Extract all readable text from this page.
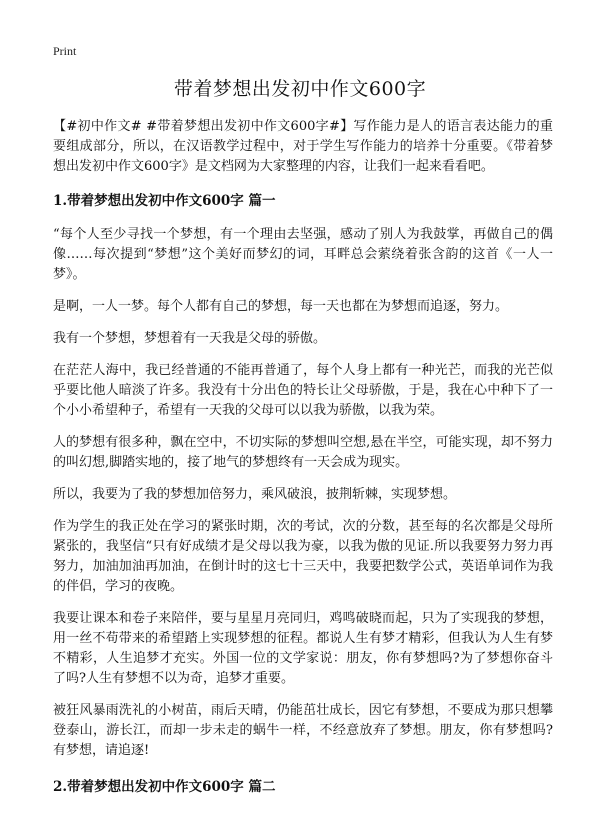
Print
带着梦想出发初中作文600字

【#初中作文# #带着梦想出发初中作文600字#】写作能力是人的语言表达能力的重要组成部分，所以，在汉语教学过程中，对于学生写作能力的培养十分重要。《带着梦想出发初中作文600字》是文档网为大家整理的内容，让我们一起来看看吧。

1.带着梦想出发初中作文600字 篇一

“每个人至少寻找一个梦想，有一个理由去坚强，感动了别人为我鼓掌，再做自己的偶像……每次提到“梦想”这个美好而梦幻的词，耳畔总会萦绕着张含韵的这首《一人一梦》。

是啊，一人一梦。每个人都有自己的梦想，每一天也都在为梦想而追逐，努力。

我有一个梦想，梦想着有一天我是父母的骄傲。

在茫茫人海中，我已经普通的不能再普通了，每个人身上都有一种光芒，而我的光芒似乎要比他人暗淡了许多。我没有十分出色的特长让父母骄傲，于是，我在心中种下了一个小小希望种子，希望有一天我的父母可以以我为骄傲，以我为荣。

人的梦想有很多种，飘在空中，不切实际的梦想叫空想,悬在半空，可能实现，却不努力的叫幻想,脚踏实地的，接了地气的梦想终有一天会成为现实。

所以，我要为了我的梦想加倍努力，乘风破浪，披荆斩棘，实现梦想。

作为学生的我正处在学习的紧张时期，次的考试，次的分数，甚至每的名次都是父母所紧张的，我坚信“只有好成绩才是父母以我为豪，以我为傲的见证.所以我要努力努力再努力，加油加油再加油，在倒计时的这七十三天中，我要把数学公式，英语单词作为我的伴侣，学习的夜晚。

我要让课本和卷子来陪伴，要与星星月亮同归，鸡鸣破晓而起，只为了实现我的梦想，用一丝不苟带来的希望踏上实现梦想的征程。都说人生有梦才精彩，但我认为人生有梦不精彩，人生追梦才充实。外国一位的文学家说：朋友，你有梦想吗?为了梦想你奋斗了吗?人生有梦想不以为奇，追梦才重要。

被狂风暴雨洗礼的小树苗，雨后天晴，仍能茁壮成长，因它有梦想，不要成为那只想攀登泰山，游长江，而却一步未走的蜗牛一样，不经意放弃了梦想。朋友，你有梦想吗?有梦想，请追逐!

2.带着梦想出发初中作文600字 篇二
